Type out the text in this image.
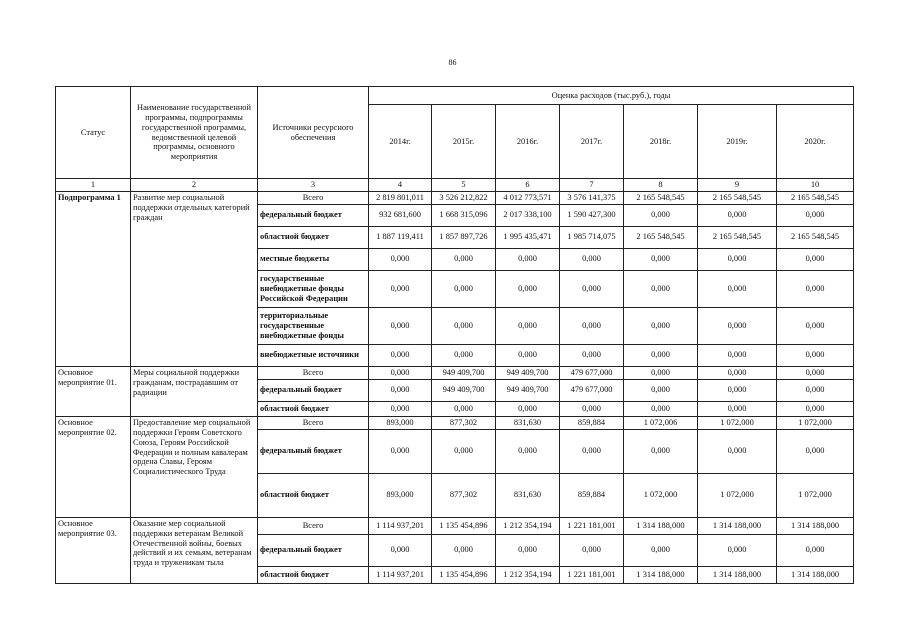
86
Статус	Наименование государственной программы, подпрограммы государственной программы, ведомственной целевой программы, основного мероприятия	Источники ресурсного обеспечения	Оценка расходов (тыс.руб.), годы						
			2014г.	2015г.	2016г.	2017г.	2018г.	2019г.	2020г.
1	2	3	4	5	6	7	8	9	10
Подпрограмма 1	Развитие мер социальной поддержки отдельных категорий граждан	Всего	2 819 801,011	3 526 212,822	4 012 773,571	3 576 141,375	2 165 548,545	2 165 548,545	2 165 548,545
		федеральный бюджет	932 681,600	1 668 315,096	2 017 338,100	1 590 427,300	0,000	0,000	0,000
		областной бюджет	1 887 119,411	1 857 897,726	1 995 435,471	1 985 714,075	2 165 548,545	2 165 548,545	2 165 548,545
		местные бюджеты	0,000	0,000	0,000	0,000	0,000	0,000	0,000
		государственные внебюджетные фонды Российской Федерации	0,000	0,000	0,000	0,000	0,000	0,000	0,000
		территориальные государственные внебюджетные фонды	0,000	0,000	0,000	0,000	0,000	0,000	0,000
		внебюджетные источники	0,000	0,000	0,000	0,000	0,000	0,000	0,000
Основное мероприятие 01.	Меры социальной поддержки гражданам, пострадавшим от радиации	Всего	0,000	949 409,700	949 409,700	479 677,000	0,000	0,000	0,000
		федеральный бюджет	0,000	949 409,700	949 409,700	479 677,000	0,000	0,000	0,000
		областной бюджет	0,000	0,000	0,000	0,000	0,000	0,000	0,000
Основное мероприятие 02.	Предоставление мер социальной поддержки Героям Советского Союза, Героям Российской Федерации и полным кавалерам ордена Славы, Героям Социалистического Труда	Всего	893,000	877,302	831,630	859,884	1 072,006	1 072,000	1 072,000
		федеральный бюджет	0,000	0,000	0,000	0,000	0,000	0,000	0,000
		областной бюджет	893,000	877,302	831,630	859,884	1 072,000	1 072,000	1 072,000
Основное мероприятие 03.	Оказание мер социальной поддержки ветеранам Великой Отечественной войны, боевых действий и их семьям, ветеранам труда и труженикам тыла	Всего	1 114 937,201	1 135 454,896	1 212 354,194	1 221 181,001	1 314 188,000	1 314 188,000	1 314 188,000
		федеральный бюджет	0,000	0,000	0,000	0,000	0,000	0,000	0,000
		областной бюджет	1 114 937,201	1 135 454,896	1 212 354,194	1 221 181,001	1 314 188,000	1 314 188,000	1 314 188,000
